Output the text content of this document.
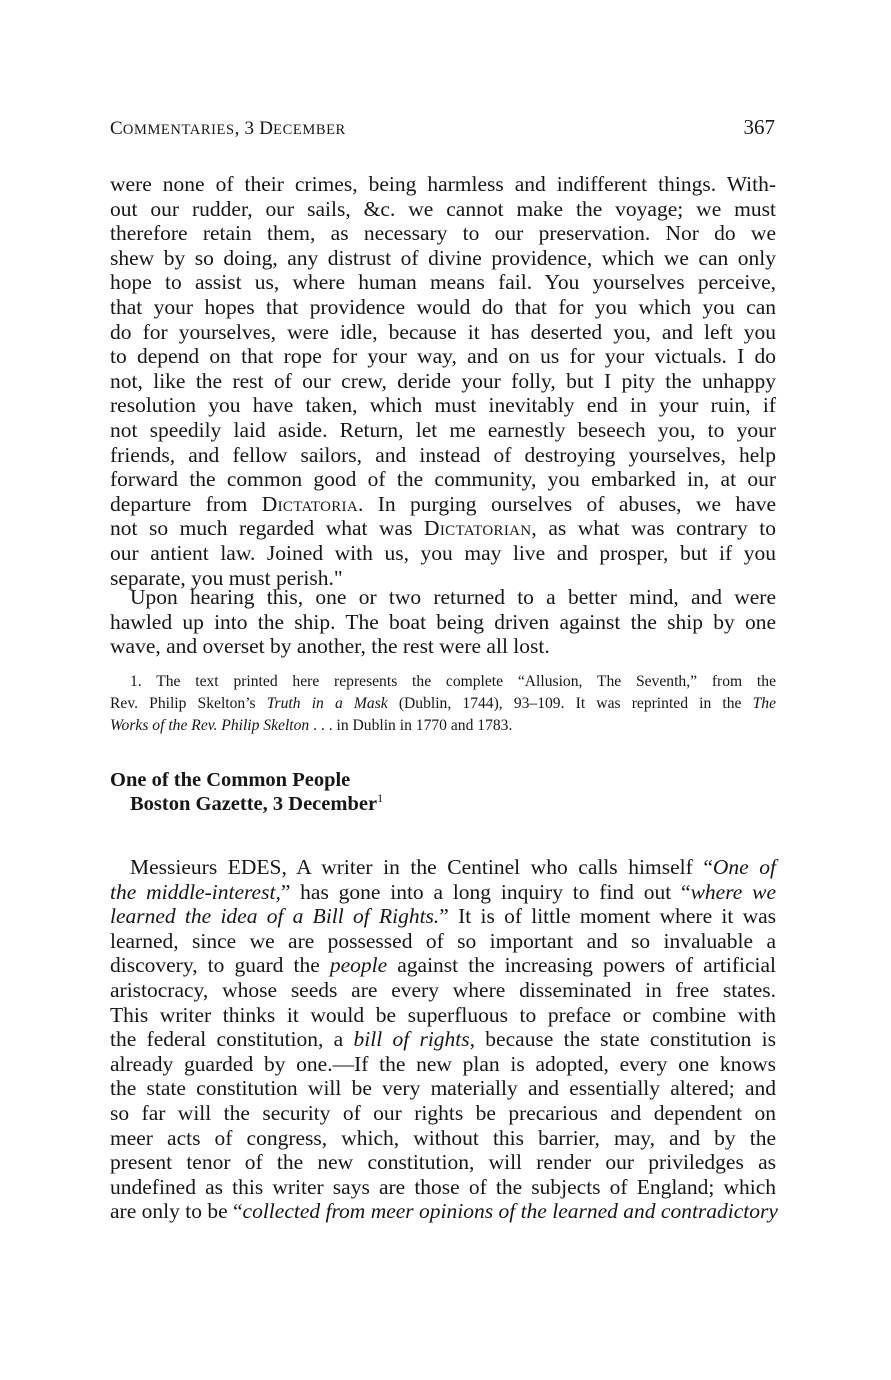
COMMENTARIES, 3 DECEMBER	367
were none of their crimes, being harmless and indifferent things. With-
out our rudder, our sails, &c. we cannot make the voyage; we must
therefore retain them, as necessary to our preservation. Nor do we
shew by so doing, any distrust of divine providence, which we can only
hope to assist us, where human means fail. You yourselves perceive,
that your hopes that providence would do that for you which you can
do for yourselves, were idle, because it has deserted you, and left you
to depend on that rope for your way, and on us for your victuals. I do
not, like the rest of our crew, deride your folly, but I pity the unhappy
resolution you have taken, which must inevitably end in your ruin, if
not speedily laid aside. Return, let me earnestly beseech you, to your
friends, and fellow sailors, and instead of destroying yourselves, help
forward the common good of the community, you embarked in, at our
departure from Dictatoria. In purging ourselves of abuses, we have
not so much regarded what was Dictatorian, as what was contrary to
our antient law. Joined with us, you may live and prosper, but if you
separate, you must perish."
Upon hearing this, one or two returned to a better mind, and were
hawled up into the ship. The boat being driven against the ship by one
wave, and overset by another, the rest were all lost.
1. The text printed here represents the complete “Allusion, The Seventh,” from the
Rev. Philip Skelton’s Truth in a Mask (Dublin, 1744), 93–109. It was reprinted in the The
Works of the Rev. Philip Skelton . . . in Dublin in 1770 and 1783.
One of the Common People
Boston Gazette, 3 December$^1$
Messieurs EDES, A writer in the Centinel who calls himself “One of
the middle-interest,” has gone into a long inquiry to find out “where we
learned the idea of a Bill of Rights.” It is of little moment where it was
learned, since we are possessed of so important and so invaluable a
discovery, to guard the people against the increasing powers of artificial
aristocracy, whose seeds are every where disseminated in free states.
This writer thinks it would be superfluous to preface or combine with
the federal constitution, a bill of rights, because the state constitution is
already guarded by one.—If the new plan is adopted, every one knows
the state constitution will be very materially and essentially altered; and
so far will the security of our rights be precarious and dependent on
meer acts of congress, which, without this barrier, may, and by the
present tenor of the new constitution, will render our priviledges as
undefined as this writer says are those of the subjects of England; which
are only to be “collected from meer opinions of the learned and contradictory
